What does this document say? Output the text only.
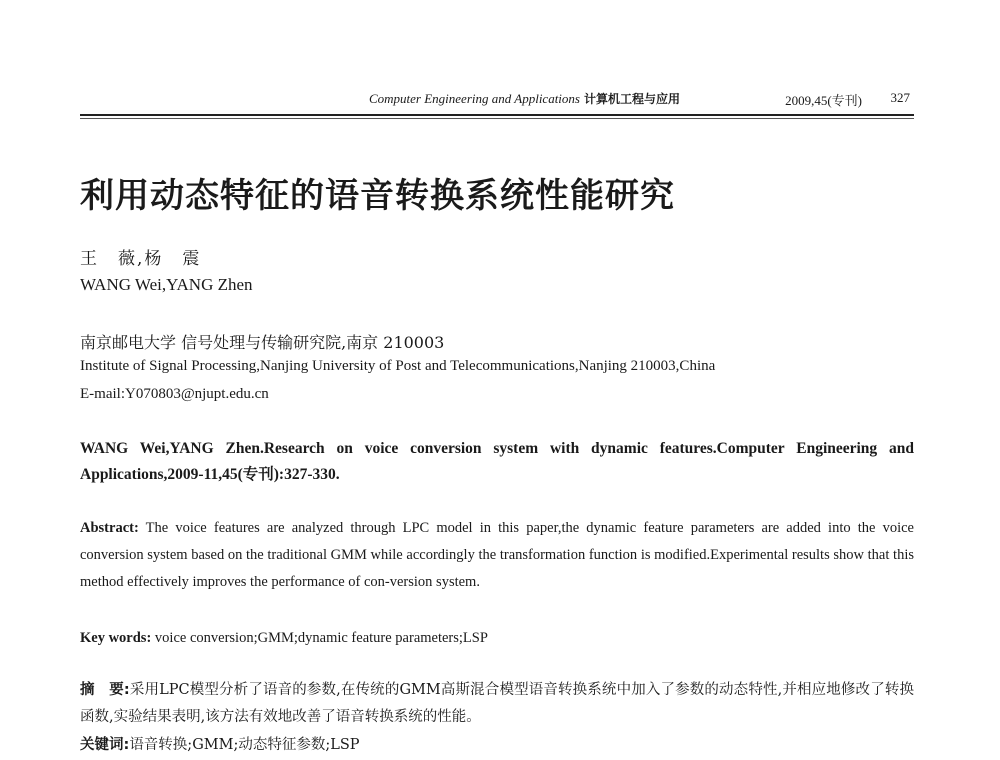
Computer Engineering and Applications 计算机工程与应用	2009,45(专刊) 327
利用动态特征的语音转换系统性能研究
王　薇,杨　震
WANG Wei,YANG Zhen
南京邮电大学 信号处理与传输研究院,南京 210003
Institute of Signal Processing,Nanjing University of Post and Telecommunications,Nanjing 210003,China
E-mail:Y070803@njupt.edu.cn
WANG Wei,YANG Zhen.Research on voice conversion system with dynamic features.Computer Engineering and Applications,2009-11,45(专刊):327-330.
Abstract: The voice features are analyzed through LPC model in this paper,the dynamic feature parameters are added into the voice conversion system based on the traditional GMM while accordingly the transformation function is modified.Experimental results show that this method effectively improves the performance of con-version system.
Key words: voice conversion;GMM;dynamic feature parameters;LSP
摘　要:采用LPC模型分析了语音的参数,在传统的GMM高斯混合模型语音转换系统中加入了参数的动态特性,并相应地修改了转换函数,实验结果表明,该方法有效地改善了语音转换系统的性能。
关键词:语音转换;GMM;动态特征参数;LSP
